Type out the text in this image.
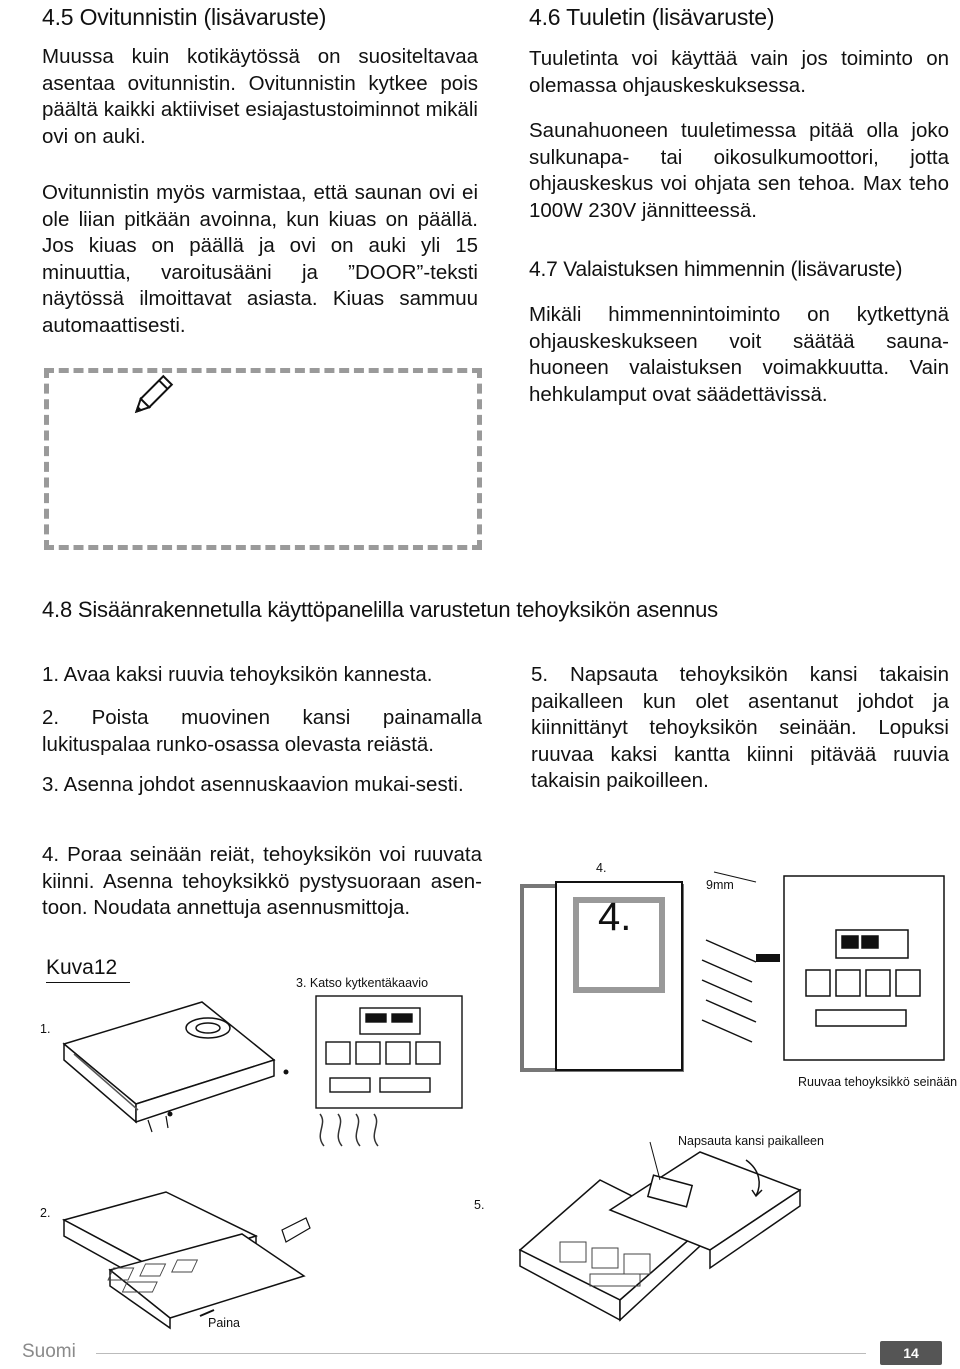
4.5 Ovitunnistin (lisävaruste)

Muussa kuin kotikäytössä on suositeltavaa asentaa ovitunnistin. Ovitunnistin kytkee pois päältä kaikki aktiiviset esiajastustoiminnot mikäli ovi on auki.

Ovitunnistin myös varmistaa, että saunan ovi ei ole liian pitkään avoinna, kun kiuas on päällä. Jos kiuas on päällä ja ovi on auki yli 15 minuuttia, varoitusääni ja ”DOOR”-teksti näytössä ilmoittavat asiasta. Kiuas sammuu automaattisesti.

4.6 Tuuletin (lisävaruste)

Tuuletinta voi käyttää vain jos toiminto on olemassa ohjauskeskuksessa.

Saunahuoneen tuuletimessa pitää olla joko sulkunapa- tai oikosulkumoottori, jotta ohjauskeskus voi ohjata sen tehoa. Max teho 100W 230V jännitteessä.

4.7 Valaistuksen himmennin (lisävaruste)

Mikäli himmennintoiminto on kytkettynä ohjauskeskukseen voit säätää sauna-huoneen valaistuksen voimakkuutta. Vain hehkulamput ovat säädettävissä.

4.8 Sisäänrakennetulla käyttöpanelilla varustetun tehoyksikön asennus

1. Avaa kaksi ruuvia tehoyksikön kannesta.

2. Poista muovinen kansi painamalla lukituspalaa runko-osassa olevasta reiästä.

3. Asenna johdot asennuskaavion mukai-sesti.

4. Poraa seinään reiät, tehoyksikön voi ruuvata kiinni. Asenna tehoyksikkö pystysuoraan asen-toon. Noudata annettuja asennusmittoja.

5. Napsauta tehoyksikön kansi takaisin paikalleen kun olet asentanut johdot ja kiinnittänyt tehoyksikön seinään. Lopuksi ruuvaa kaksi kantta kiinni pitävää ruuvia takaisin paikoilleen.

Kuva12
1.
2.
3. Katso kytkentäkaavio
4.
5.
9mm
Ruuvaa tehoyksikkö seinään
Napsauta kansi paikalleen
Paina
4.
Suomi	14
